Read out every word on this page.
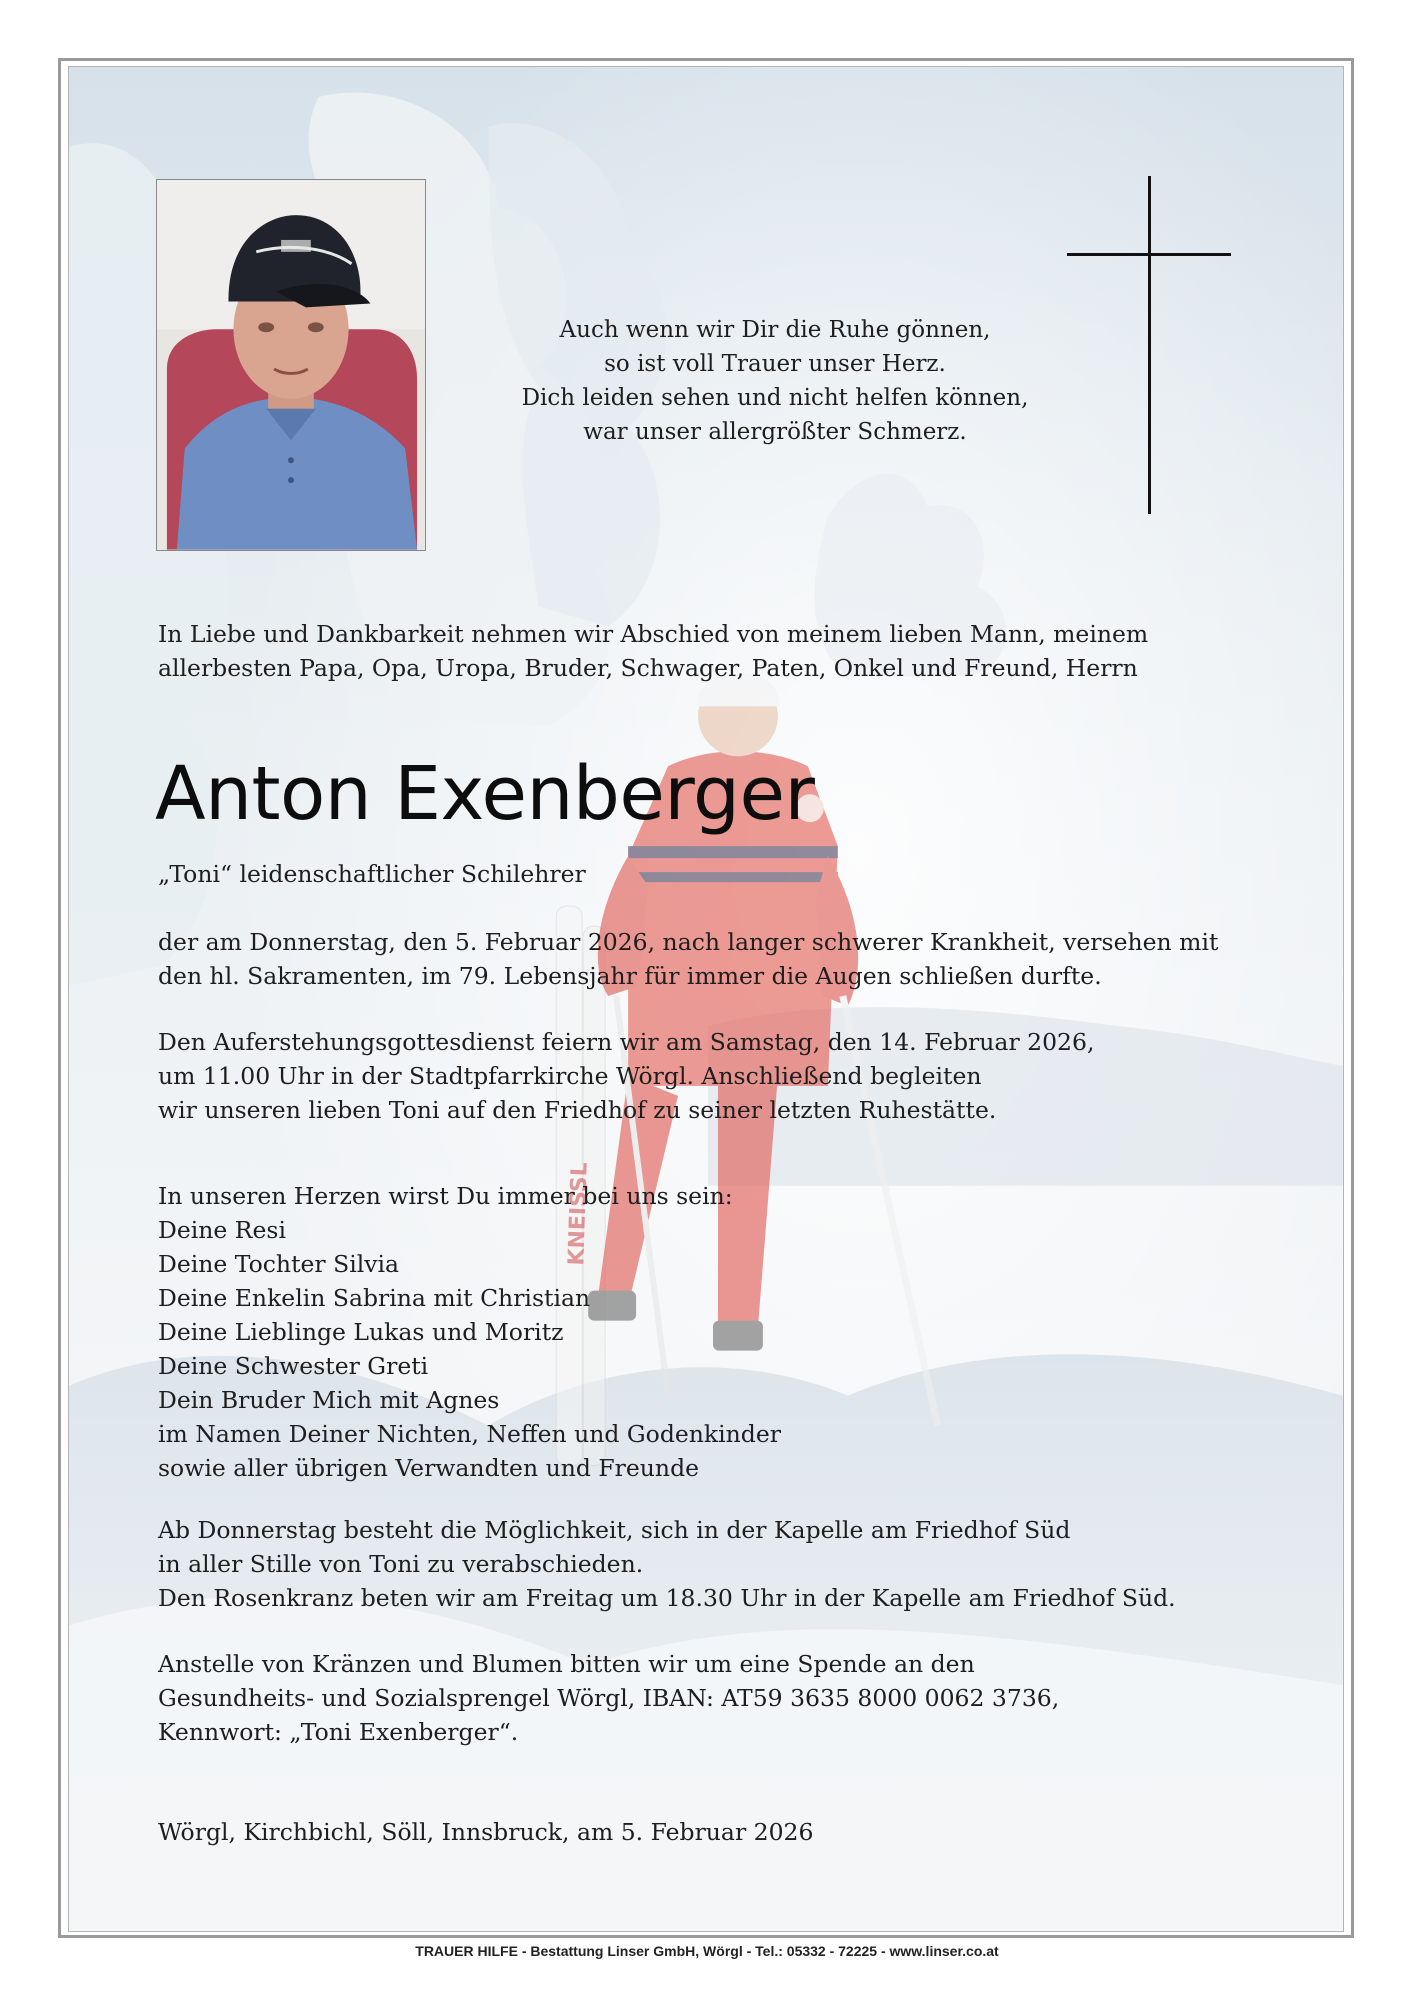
KNEISSL
Auch wenn wir Dir die Ruhe gönnen,
so ist voll Trauer unser Herz.
Dich leiden sehen und nicht helfen können,
war unser allergrößter Schmerz.
In Liebe und Dankbarkeit nehmen wir Abschied von meinem lieben Mann, meinem
allerbesten Papa, Opa, Uropa, Bruder, Schwager, Paten, Onkel und Freund, Herrn
Anton Exenberger
„Toni“ leidenschaftlicher Schilehrer
der am Donnerstag, den 5. Februar 2026, nach langer schwerer Krankheit, versehen mit
den hl. Sakramenten, im 79. Lebensjahr für immer die Augen schließen durfte.
Den Auferstehungsgottesdienst feiern wir am Samstag, den 14. Februar 2026,
um 11.00 Uhr in der Stadtpfarrkirche Wörgl. Anschließend begleiten
wir unseren lieben Toni auf den Friedhof zu seiner letzten Ruhestätte.
In unseren Herzen wirst Du immer bei uns sein:
Deine Resi
Deine Tochter Silvia
Deine Enkelin Sabrina mit Christian
Deine Lieblinge Lukas und Moritz
Deine Schwester Greti
Dein Bruder Mich mit Agnes
im Namen Deiner Nichten, Neffen und Godenkinder
sowie aller übrigen Verwandten und Freunde
Ab Donnerstag besteht die Möglichkeit, sich in der Kapelle am Friedhof Süd
in aller Stille von Toni zu verabschieden.
Den Rosenkranz beten wir am Freitag um 18.30 Uhr in der Kapelle am Friedhof Süd.
Anstelle von Kränzen und Blumen bitten wir um eine Spende an den
Gesundheits- und Sozialsprengel Wörgl, IBAN: AT59 3635 8000 0062 3736,
Kennwort: „Toni Exenberger“.
Wörgl, Kirchbichl, Söll, Innsbruck, am 5. Februar 2026
TRAUER HILFE - Bestattung Linser GmbH, Wörgl - Tel.: 05332 - 72225 - www.linser.co.at
